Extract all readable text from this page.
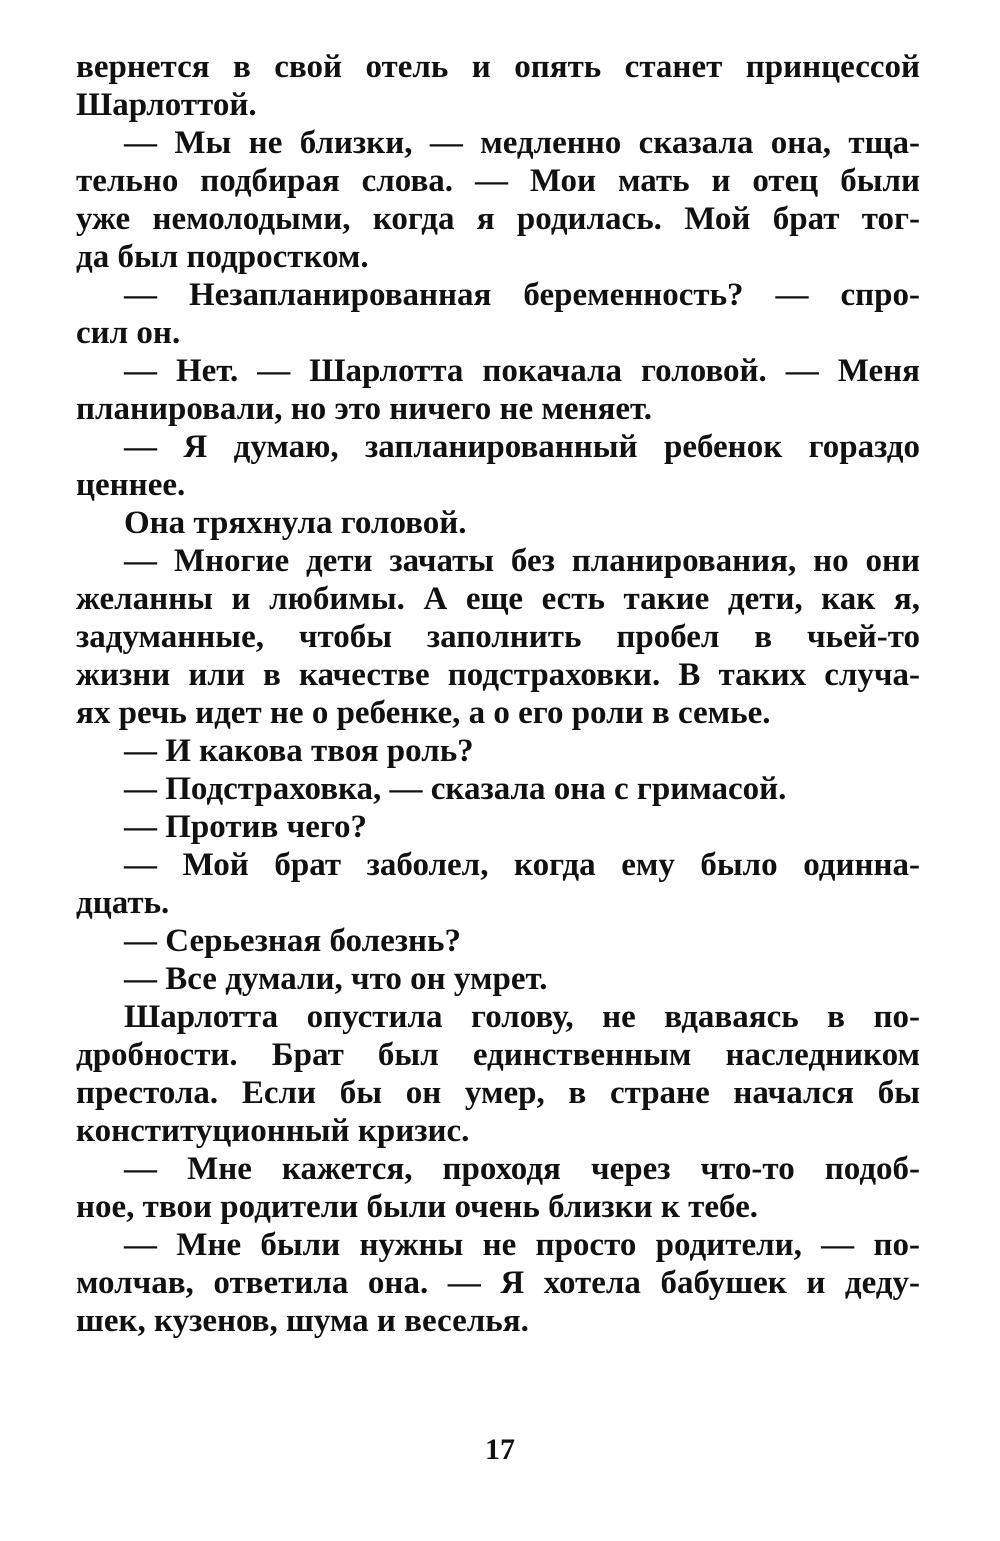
вернется в свой отель и опять станет принцессой
Шарлоттой.
— Мы не близки, — медленно сказала она, тща-
тельно подбирая слова. — Мои мать и отец были
уже немолодыми, когда я родилась. Мой брат тог-
да был подростком.
— Незапланированная беременность? — спро-
сил он.
— Нет. — Шарлотта покачала головой. — Меня
планировали, но это ничего не меняет.
— Я думаю, запланированный ребенок гораздо
ценнее.
Она тряхнула головой.
— Многие дети зачаты без планирования, но они
желанны и любимы. А еще есть такие дети, как я,
задуманные, чтобы заполнить пробел в чьей-то
жизни или в качестве подстраховки. В таких случа-
ях речь идет не о ребенке, а о его роли в семье.
— И какова твоя роль?
— Подстраховка, — сказала она с гримасой.
— Против чего?
— Мой брат заболел, когда ему было одинна-
дцать.
— Серьезная болезнь?
— Все думали, что он умрет.
Шарлотта опустила голову, не вдаваясь в по-
дробности. Брат был единственным наследником
престола. Если бы он умер, в стране начался бы
конституционный кризис.
— Мне кажется, проходя через что-то подоб-
ное, твои родители были очень близки к тебе.
— Мне были нужны не просто родители, — по-
молчав, ответила она. — Я хотела бабушек и деду-
шек, кузенов, шума и веселья.
17
